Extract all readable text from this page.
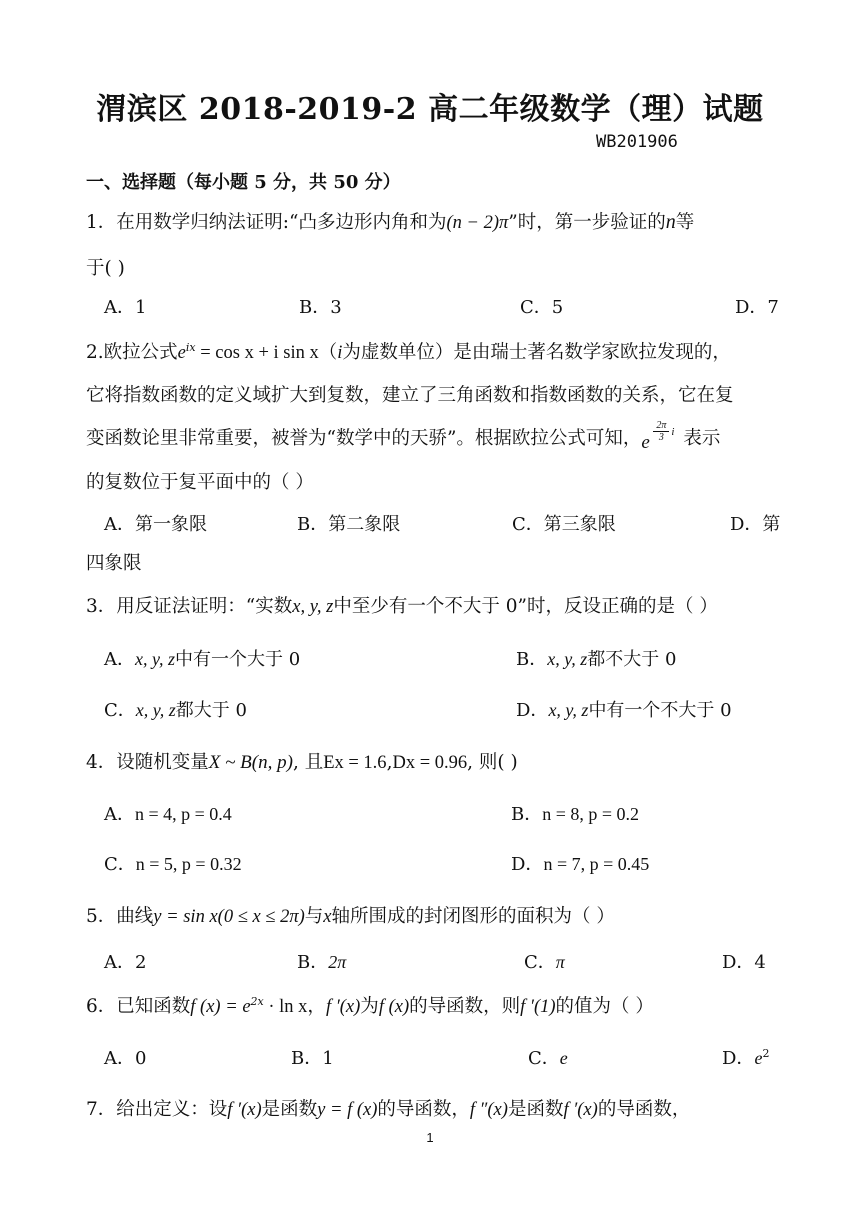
渭滨区 2018-2019-2 高二年级数学（理）试题
WB201906
一、选择题（每小题 5 分，共 50 分）
1．在用数学归纳法证明:“凸多边形内角和为(n − 2)π”时，第一步验证的n等
于( )
A．1	B．3	C．5	D．7
2.欧拉公式$e^{ix} = \cos x + i$ sin x（i为虚数单位）是由瑞士著名数学家欧拉发现的，
它将指数函数的定义域扩大到复数，建立了三角函数和指数函数的关系，它在复
变函数论里非常重要，被誉为“数学中的天骄”。根据欧拉公式可知， e $\frac{2\pi}{3}$ i 表示
的复数位于复平面中的（ ）
A．第一象限	B．第二象限	C．第三象限	D．第
四象限
3．用反证法证明：“实数x, y, z中至少有一个不大于 0”时，反设正确的是（ ）
A．x, y, z中有一个大于 0	B．x, y, z都不大于 0
C．x, y, z都大于 0	D．x, y, z中有一个不大于 0
4．设随机变量X ~ B(n, p), 且Ex = 1.6,Dx = 0.96, 则( )
A．n = 4, p = 0.4	B．n = 8, p = 0.2
C．n = 5, p = 0.32	D．n = 7, p = 0.45
5．曲线y = sin x(0 ≤ x ≤ 2π)与x轴所围成的封闭图形的面积为（ ）
A．2	B．2π	C．π	D．4
6．已知函数f $(x) = e^{2x} \cdot \ln x$，f ′(x)为f (x)的导函数，则f ′(1)的值为（ ）
A．0	B．1	C．e	D．$e^2$
7．给出定义：设f ′(x)是函数y = f (x)的导函数，f ″(x)是函数f ′(x)的导函数，
1
